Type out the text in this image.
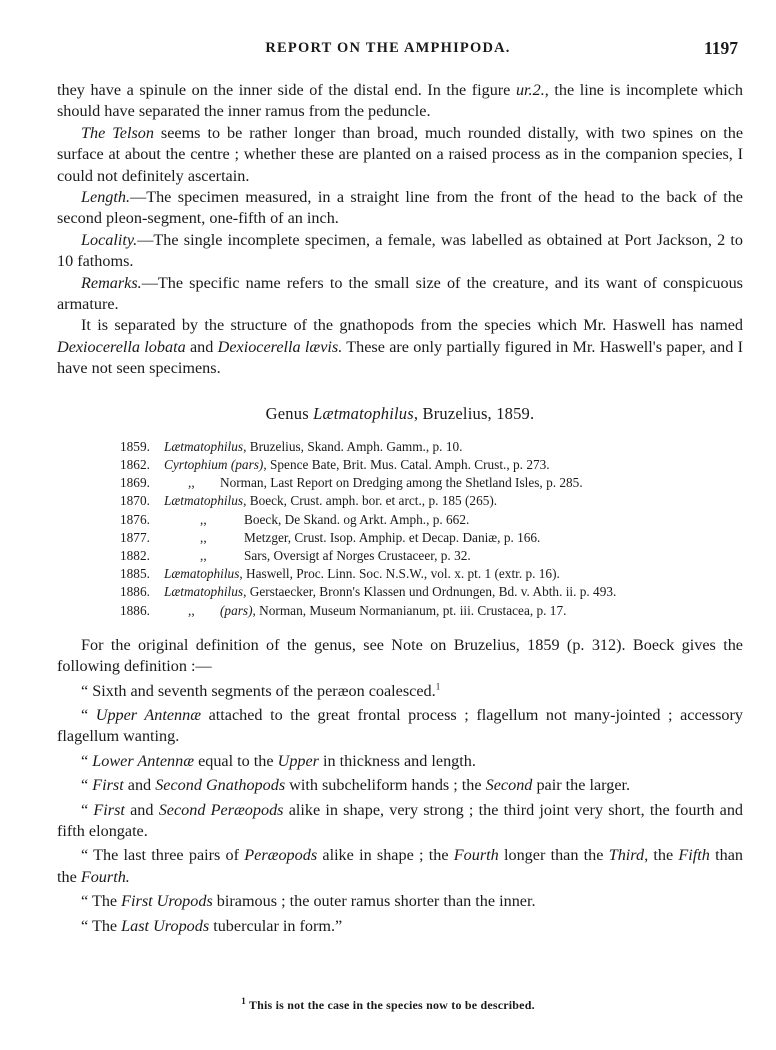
REPORT ON THE AMPHIPODA.	1197

they have a spinule on the inner side of the distal end. In the figure ur.2., the line is incomplete which should have separated the inner ramus from the peduncle.

The Telson seems to be rather longer than broad, much rounded distally, with two spines on the surface at about the centre ; whether these are planted on a raised process as in the companion species, I could not definitely ascertain.

Length.—The specimen measured, in a straight line from the front of the head to the back of the second pleon-segment, one-fifth of an inch.

Locality.—The single incomplete specimen, a female, was labelled as obtained at Port Jackson, 2 to 10 fathoms.

Remarks.—The specific name refers to the small size of the creature, and its want of conspicuous armature.

It is separated by the structure of the gnathopods from the species which Mr. Haswell has named Dexiocerella lobata and Dexiocerella lævis. These are only partially figured in Mr. Haswell's paper, and I have not seen specimens.

Genus Lætmatophilus, Bruzelius, 1859.
1859. Lætmatophilus, Bruzelius, Skand. Amph. Gamm., p. 10.
1862. Cyrtophium (pars), Spence Bate, Brit. Mus. Catal. Amph. Crust., p. 273.
1869.	,, Norman, Last Report on Dredging among the Shetland Isles, p. 285.
1870. Lætmatophilus, Boeck, Crust. amph. bor. et arct., p. 185 (265).
1876.	,,	Boeck, De Skand. og Arkt. Amph., p. 662.
1877.	,,	Metzger, Crust. Isop. Amphip. et Decap. Daniæ, p. 166.
1882.	,,	Sars, Oversigt af Norges Crustaceer, p. 32.
1885. Læmatophilus, Haswell, Proc. Linn. Soc. N.S.W., vol. x. pt. 1 (extr. p. 16).
1886. Lætmatophilus, Gerstaecker, Bronn's Klassen und Ordnungen, Bd. v. Abth. ii. p. 493.
1886.	,, (pars), Norman, Museum Normanianum, pt. iii. Crustacea, p. 17.

For the original definition of the genus, see Note on Bruzelius, 1859 (p. 312). Boeck gives the following definition :—

“ Sixth and seventh segments of the peræon coalesced.$^1$

“ Upper Antennæ attached to the great frontal process ; flagellum not many-jointed ; accessory flagellum wanting.

“ Lower Antennæ equal to the Upper in thickness and length.

“ First and Second Gnathopods with subcheliform hands ; the Second pair the larger.

“ First and Second Peræopods alike in shape, very strong ; the third joint very short, the fourth and fifth elongate.

“ The last three pairs of Peræopods alike in shape ; the Fourth longer than the Third, the Fifth than the Fourth.

“ The First Uropods biramous ; the outer ramus shorter than the inner.

“ The Last Uropods tubercular in form.”

$^1$ This is not the case in the species now to be described.
